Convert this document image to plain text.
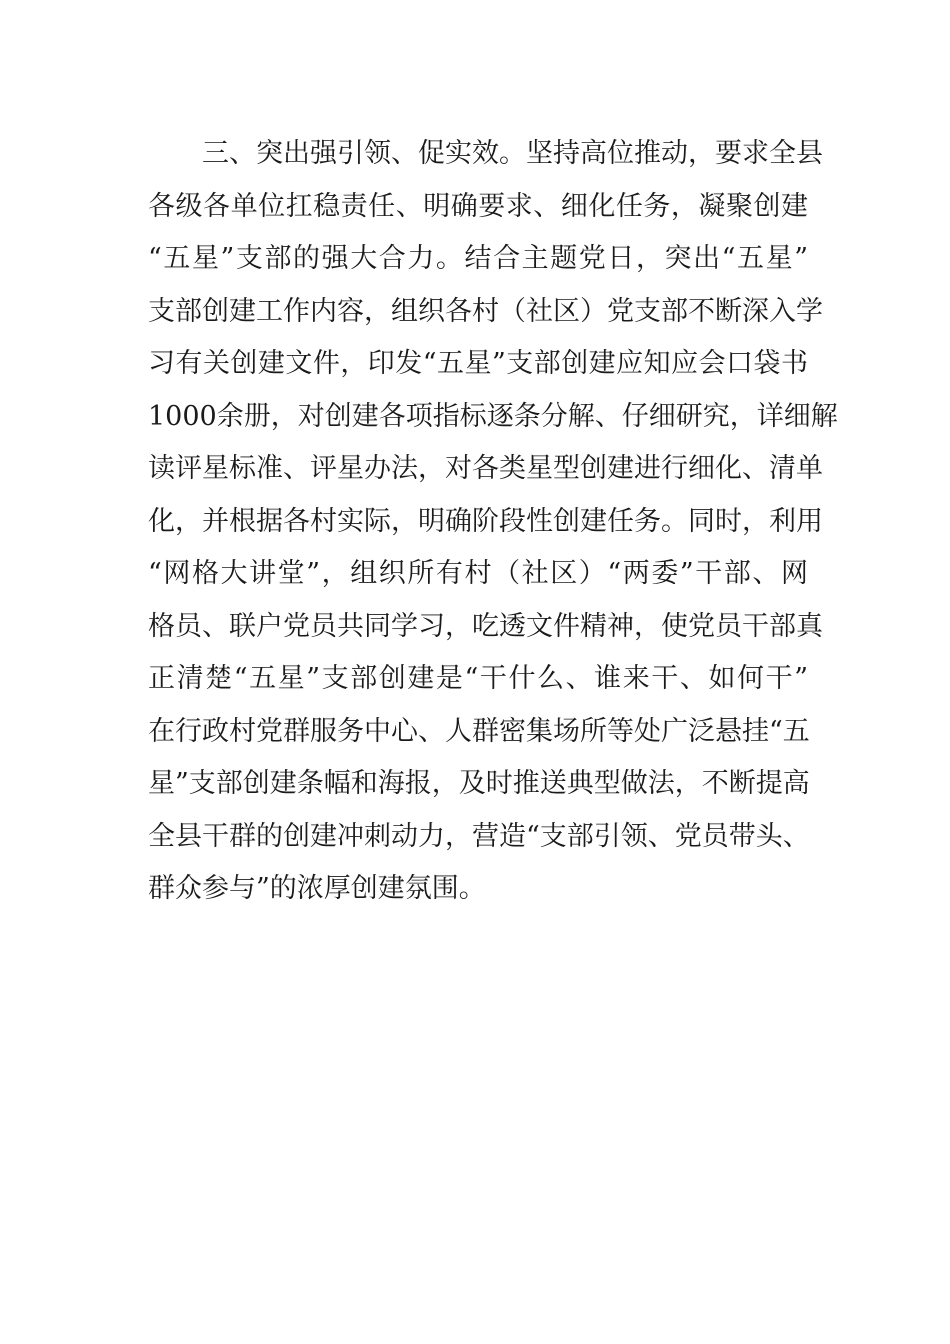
三、突出强引领、促实效。坚持高位推动，要求全县
各级各单位扛稳责任、明确要求、细化任务，凝聚创建
“五星”支部的强大合力。结合主题党日，突出“五星”
支部创建工作内容，组织各村（社区）党支部不断深入学
习有关创建文件，印发“五星”支部创建应知应会口袋书
1000余册，对创建各项指标逐条分解、仔细研究，详细解
读评星标准、评星办法，对各类星型创建进行细化、清单
化，并根据各村实际，明确阶段性创建任务。同时，利用
“网格大讲堂”，组织所有村（社区）“两委”干部、网
格员、联户党员共同学习，吃透文件精神，使党员干部真
正清楚“五星”支部创建是“干什么、谁来干、如何干”
在行政村党群服务中心、人群密集场所等处广泛悬挂“五
星”支部创建条幅和海报，及时推送典型做法，不断提高
全县干群的创建冲刺动力，营造“支部引领、党员带头、
群众参与”的浓厚创建氛围。
